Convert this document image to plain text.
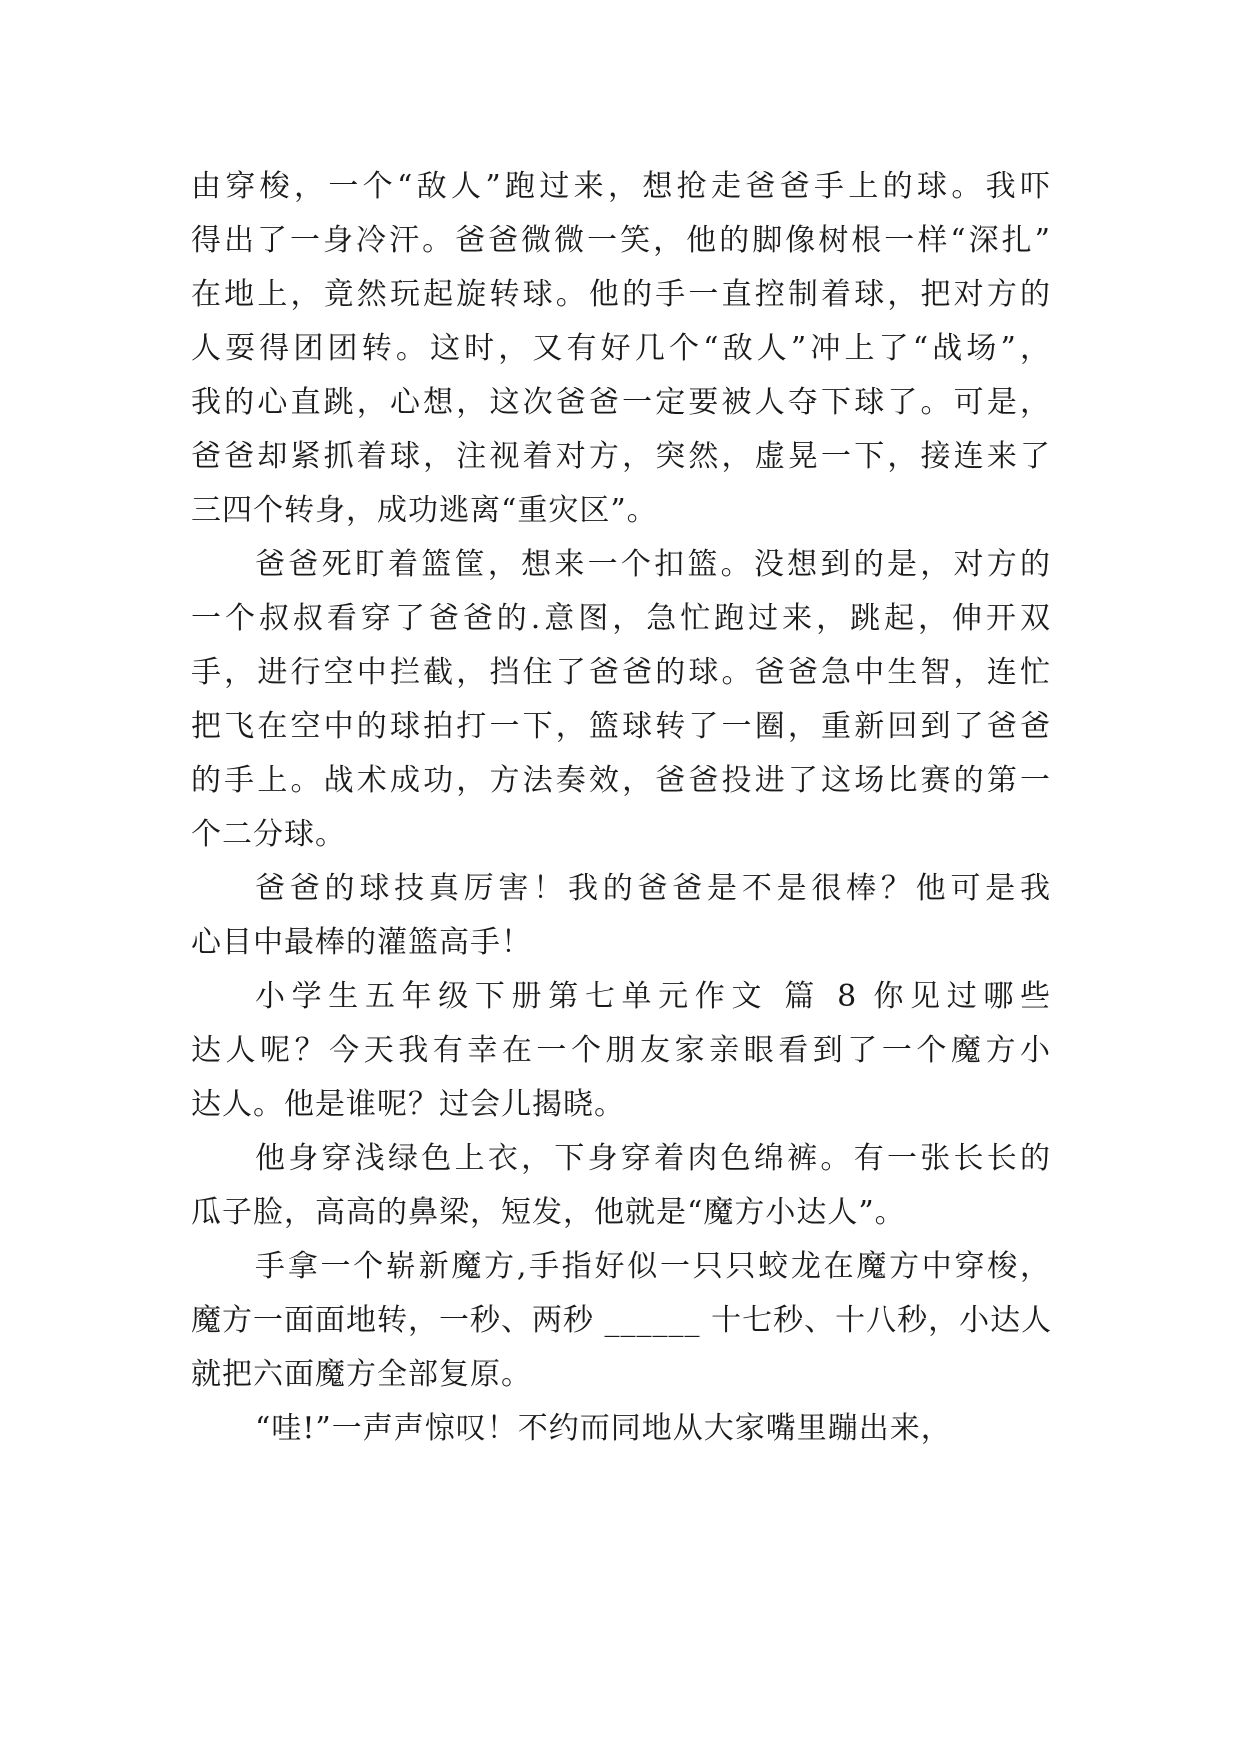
由穿梭，一个“敌人”跑过来，想抢走爸爸手上的球。我吓
得出了一身冷汗。爸爸微微一笑，他的脚像树根一样“深扎”
在地上，竟然玩起旋转球。他的手一直控制着球，把对方的
人耍得团团转。这时，又有好几个“敌人”冲上了“战场”，
我的心直跳，心想，这次爸爸一定要被人夺下球了。可是，
爸爸却紧抓着球，注视着对方，突然，虚晃一下，接连来了
三四个转身，成功逃离“重灾区”。
爸爸死盯着篮筐，想来一个扣篮。没想到的是，对方的
一个叔叔看穿了爸爸的.意图，急忙跑过来，跳起，伸开双
手，进行空中拦截，挡住了爸爸的球。爸爸急中生智，连忙
把飞在空中的球拍打一下，篮球转了一圈，重新回到了爸爸
的手上。战术成功，方法奏效，爸爸投进了这场比赛的第一
个二分球。
爸爸的球技真厉害！我的爸爸是不是很棒？他可是我
心目中最棒的灌篮高手！
小学生五年级下册第七单元作文 篇 8 你见过哪些
达人呢？今天我有幸在一个朋友家亲眼看到了一个魔方小
达人。他是谁呢？过会儿揭晓。
他身穿浅绿色上衣，下身穿着肉色绵裤。有一张长长的
瓜子脸，高高的鼻梁，短发，他就是“魔方小达人”。
手拿一个崭新魔方,手指好似一只只蛟龙在魔方中穿梭，
魔方一面面地转，一秒、两秒 ______ 十七秒、十八秒，小达人
就把六面魔方全部复原。
“哇!”一声声惊叹！不约而同地从大家嘴里蹦出来，
